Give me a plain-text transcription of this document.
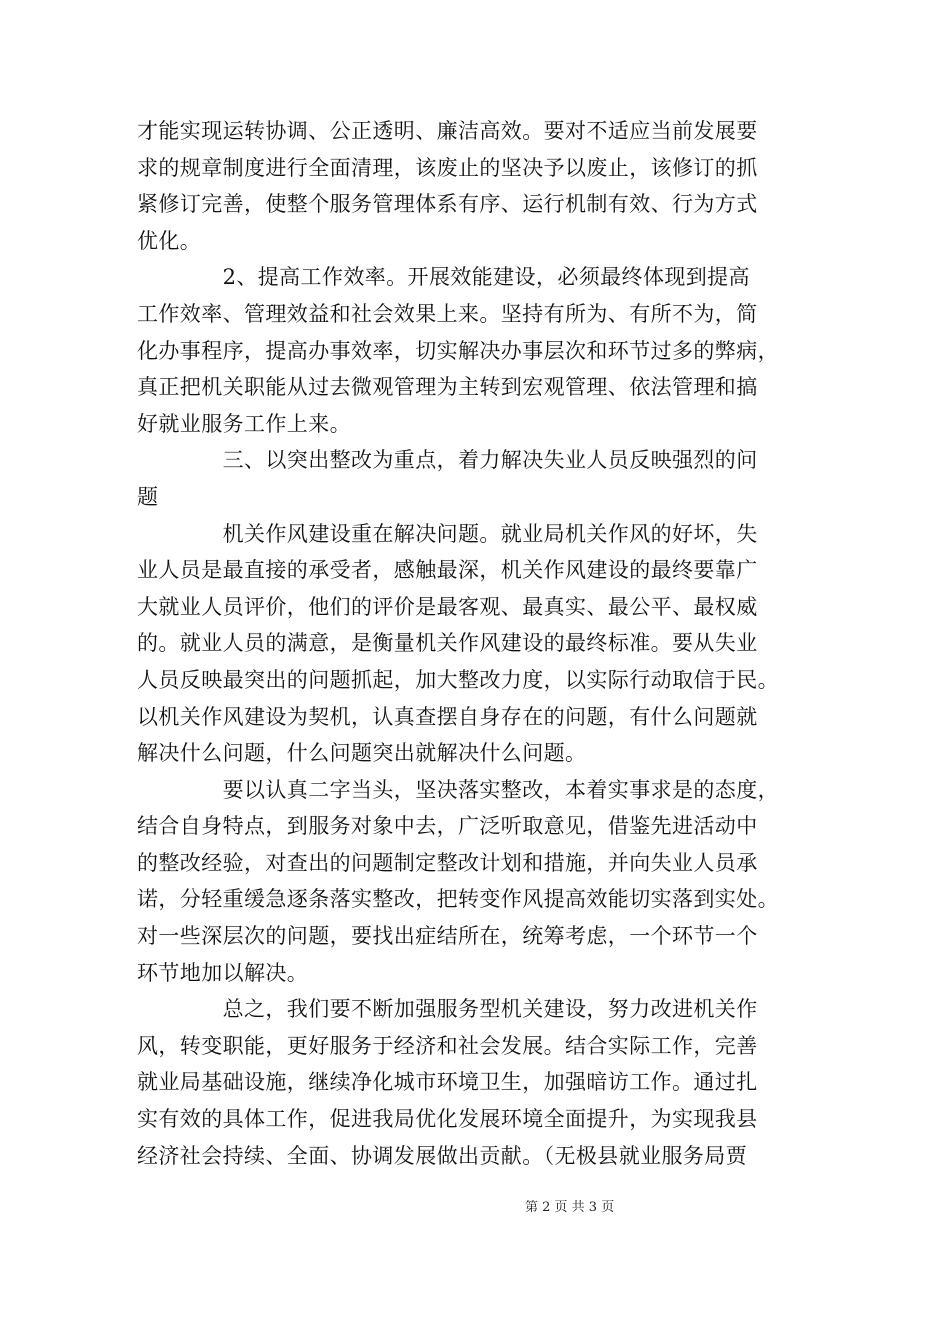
才能实现运转协调、公正透明、廉洁高效。要对不适应当前发展要
求的规章制度进行全面清理，该废止的坚决予以废止，该修订的抓
紧修订完善，使整个服务管理体系有序、运行机制有效、行为方式
优化。
　　　　2、提高工作效率。开展效能建设，必须最终体现到提高
工作效率、管理效益和社会效果上来。坚持有所为、有所不为，简
化办事程序，提高办事效率，切实解决办事层次和环节过多的弊病，
真正把机关职能从过去微观管理为主转到宏观管理、依法管理和搞
好就业服务工作上来。
　　　　三、以突出整改为重点，着力解决失业人员反映强烈的问
题
　　　　机关作风建设重在解决问题。就业局机关作风的好坏，失
业人员是最直接的承受者，感触最深，机关作风建设的最终要靠广
大就业人员评价，他们的评价是最客观、最真实、最公平、最权威
的。就业人员的满意，是衡量机关作风建设的最终标准。要从失业
人员反映最突出的问题抓起，加大整改力度，以实际行动取信于民。
以机关作风建设为契机，认真查摆自身存在的问题，有什么问题就
解决什么问题，什么问题突出就解决什么问题。
　　　　要以认真二字当头，坚决落实整改，本着实事求是的态度，
结合自身特点，到服务对象中去，广泛听取意见，借鉴先进活动中
的整改经验，对查出的问题制定整改计划和措施，并向失业人员承
诺，分轻重缓急逐条落实整改，把转变作风提高效能切实落到实处。
对一些深层次的问题，要找出症结所在，统筹考虑，一个环节一个
环节地加以解决。
　　　　总之，我们要不断加强服务型机关建设，努力改进机关作
风，转变职能，更好服务于经济和社会发展。结合实际工作，完善
就业局基础设施，继续净化城市环境卫生，加强暗访工作。通过扎
实有效的具体工作，促进我局优化发展环境全面提升，为实现我县
经济社会持续、全面、协调发展做出贡献。（无极县就业服务局贾
第 2 页 共 3 页
